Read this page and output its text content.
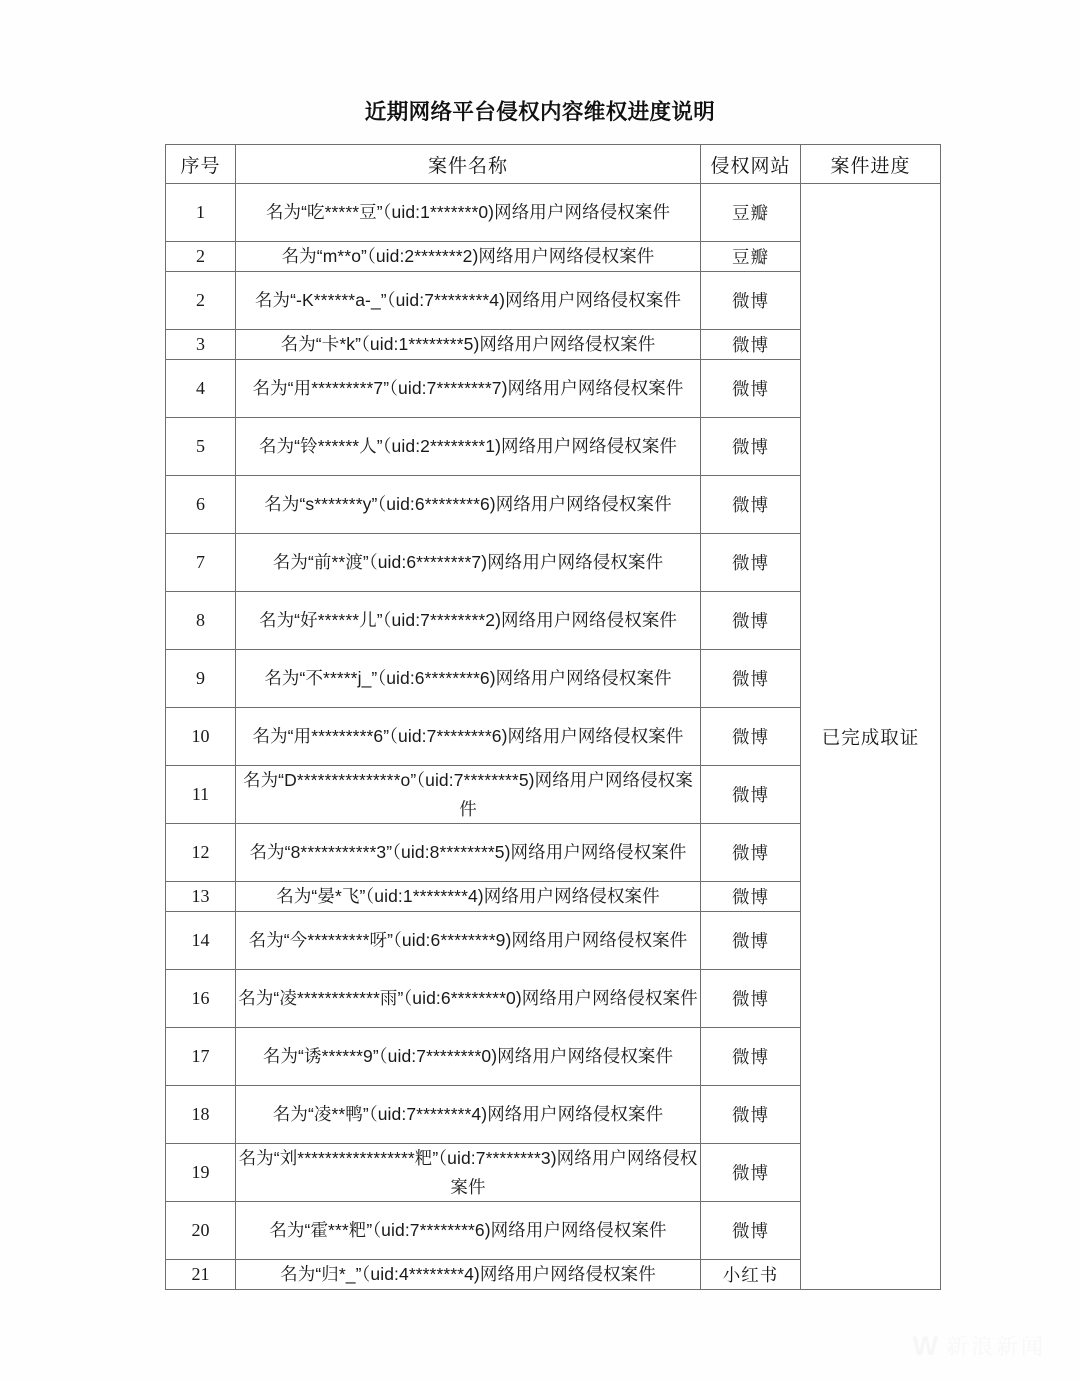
近期网络平台侵权内容维权进度说明
序号	案件名称	侵权网站	案件进度
1	名为“吃*****豆”（uid:1*******0)网络用户网络侵权案件	豆瓣	已完成取证
2	名为“m**o”（uid:2*******2)网络用户网络侵权案件	豆瓣	
2	名为“-K******a-_”（uid:7********4)网络用户网络侵权案件	微博	
3	名为“卡*k”（uid:1********5)网络用户网络侵权案件	微博	
4	名为“用*********7”（uid:7********7)网络用户网络侵权案件	微博	
5	名为“铃******人”（uid:2********1)网络用户网络侵权案件	微博	
6	名为“s*******y”（uid:6********6)网络用户网络侵权案件	微博	
7	名为“前**渡”（uid:6********7)网络用户网络侵权案件	微博	
8	名为“好******儿”（uid:7********2)网络用户网络侵权案件	微博	
9	名为“不*****j_”（uid:6********6)网络用户网络侵权案件	微博	
10	名为“用*********6”（uid:7********6)网络用户网络侵权案件	微博	
11	名为“D***************o”（uid:7********5)网络用户网络侵权案件	微博	
12	名为“8***********3”（uid:8********5)网络用户网络侵权案件	微博	
13	名为“晏*飞”（uid:1********4)网络用户网络侵权案件	微博	
14	名为“今*********呀”（uid:6********9)网络用户网络侵权案件	微博	
16	名为“凌************雨”（uid:6********0)网络用户网络侵权案件	微博	
17	名为“诱******9”（uid:7********0)网络用户网络侵权案件	微博	
18	名为“凌**鸭”（uid:7********4)网络用户网络侵权案件	微博	
19	名为“刘*****************粑”（uid:7********3)网络用户网络侵权案件	微博	
20	名为“霍***粑”（uid:7********6)网络用户网络侵权案件	微博	
21	名为“归*_”（uid:4********4)网络用户网络侵权案件	小红书	
W 新浪新闻
